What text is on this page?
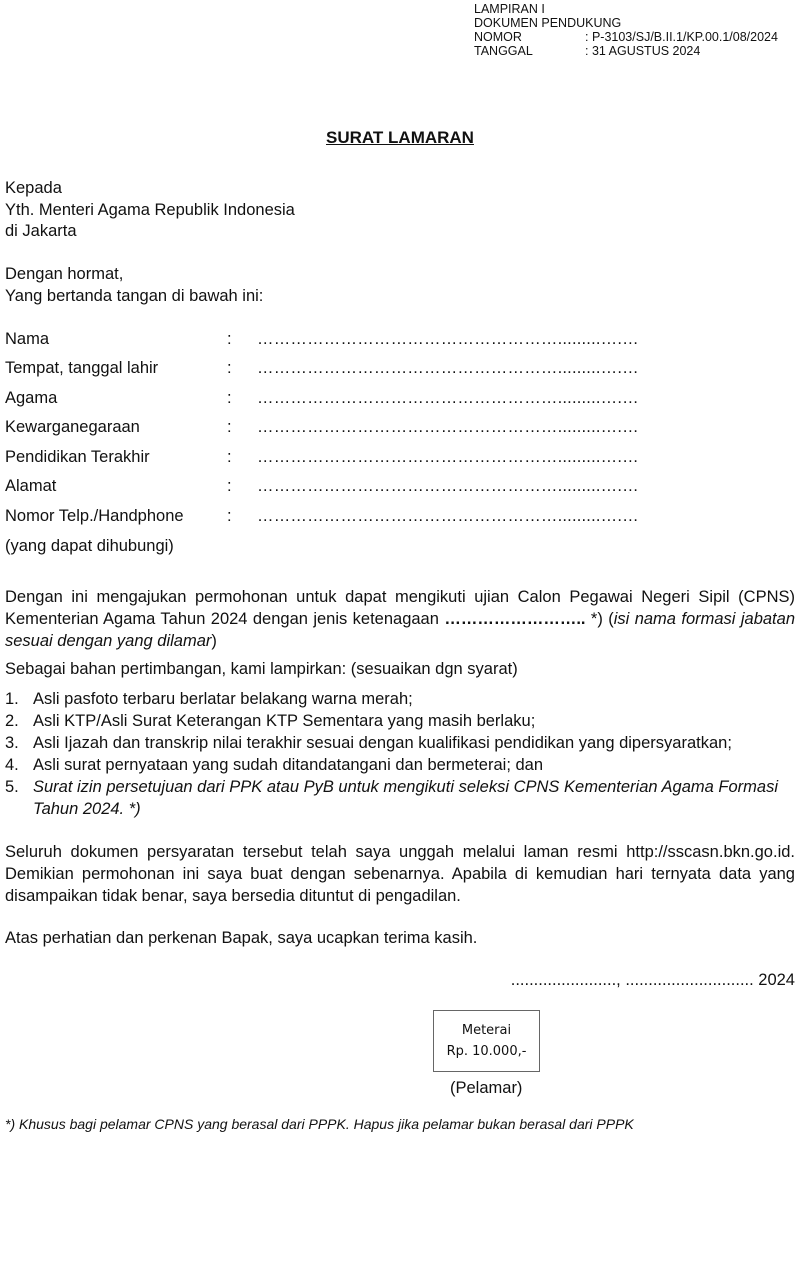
LAMPIRAN I
DOKUMEN PENDUKUNG
NOMOR	: P-3103/SJ/B.II.1/KP.00.1/08/2024
TANGGAL	: 31 AGUSTUS 2024
SURAT LAMARAN
Kepada
Yth. Menteri Agama Republik Indonesia
di Jakarta
Dengan hormat,
Yang bertanda tangan di bawah ini:
Nama	: ……………………………………………….........….…
Tempat, tanggal lahir	: ……………………………………………….........….…
Agama	: ……………………………………………….........….…
Kewarganegaraan	: ……………………………………………….........….…
Pendidikan Terakhir	: ……………………………………………….........….…
Alamat	: ……………………………………………….........….…
Nomor Telp./Handphone	: ……………………………………………….........….…
(yang dapat dihubungi)
Dengan ini mengajukan permohonan untuk dapat mengikuti ujian Calon Pegawai Negeri Sipil (CPNS) Kementerian Agama Tahun 2024 dengan jenis ketenagaan …………………….. *) (isi nama formasi jabatan sesuai dengan yang dilamar)
Sebagai bahan pertimbangan, kami lampirkan: (sesuaikan dgn syarat)
1. Asli pasfoto terbaru berlatar belakang warna merah;
2. Asli KTP/Asli Surat Keterangan KTP Sementara yang masih berlaku;
3. Asli Ijazah dan transkrip nilai terakhir sesuai dengan kualifikasi pendidikan yang dipersyaratkan;
4. Asli surat pernyataan yang sudah ditandatangani dan bermeterai; dan
5. Surat izin persetujuan dari PPK atau PyB untuk mengikuti seleksi CPNS Kementerian Agama Formasi Tahun 2024. *)
Seluruh dokumen persyaratan tersebut telah saya unggah melalui laman resmi http://sscasn.bkn.go.id. Demikian permohonan ini saya buat dengan sebenarnya. Apabila di kemudian hari ternyata data yang disampaikan tidak benar, saya bersedia dituntut di pengadilan.
Atas perhatian dan perkenan Bapak, saya ucapkan terima kasih.
......................., ............................ 2024
Meterai
Rp. 10.000,-
(Pelamar)
*) Khusus bagi pelamar CPNS yang berasal dari PPPK. Hapus jika pelamar bukan berasal dari PPPK
